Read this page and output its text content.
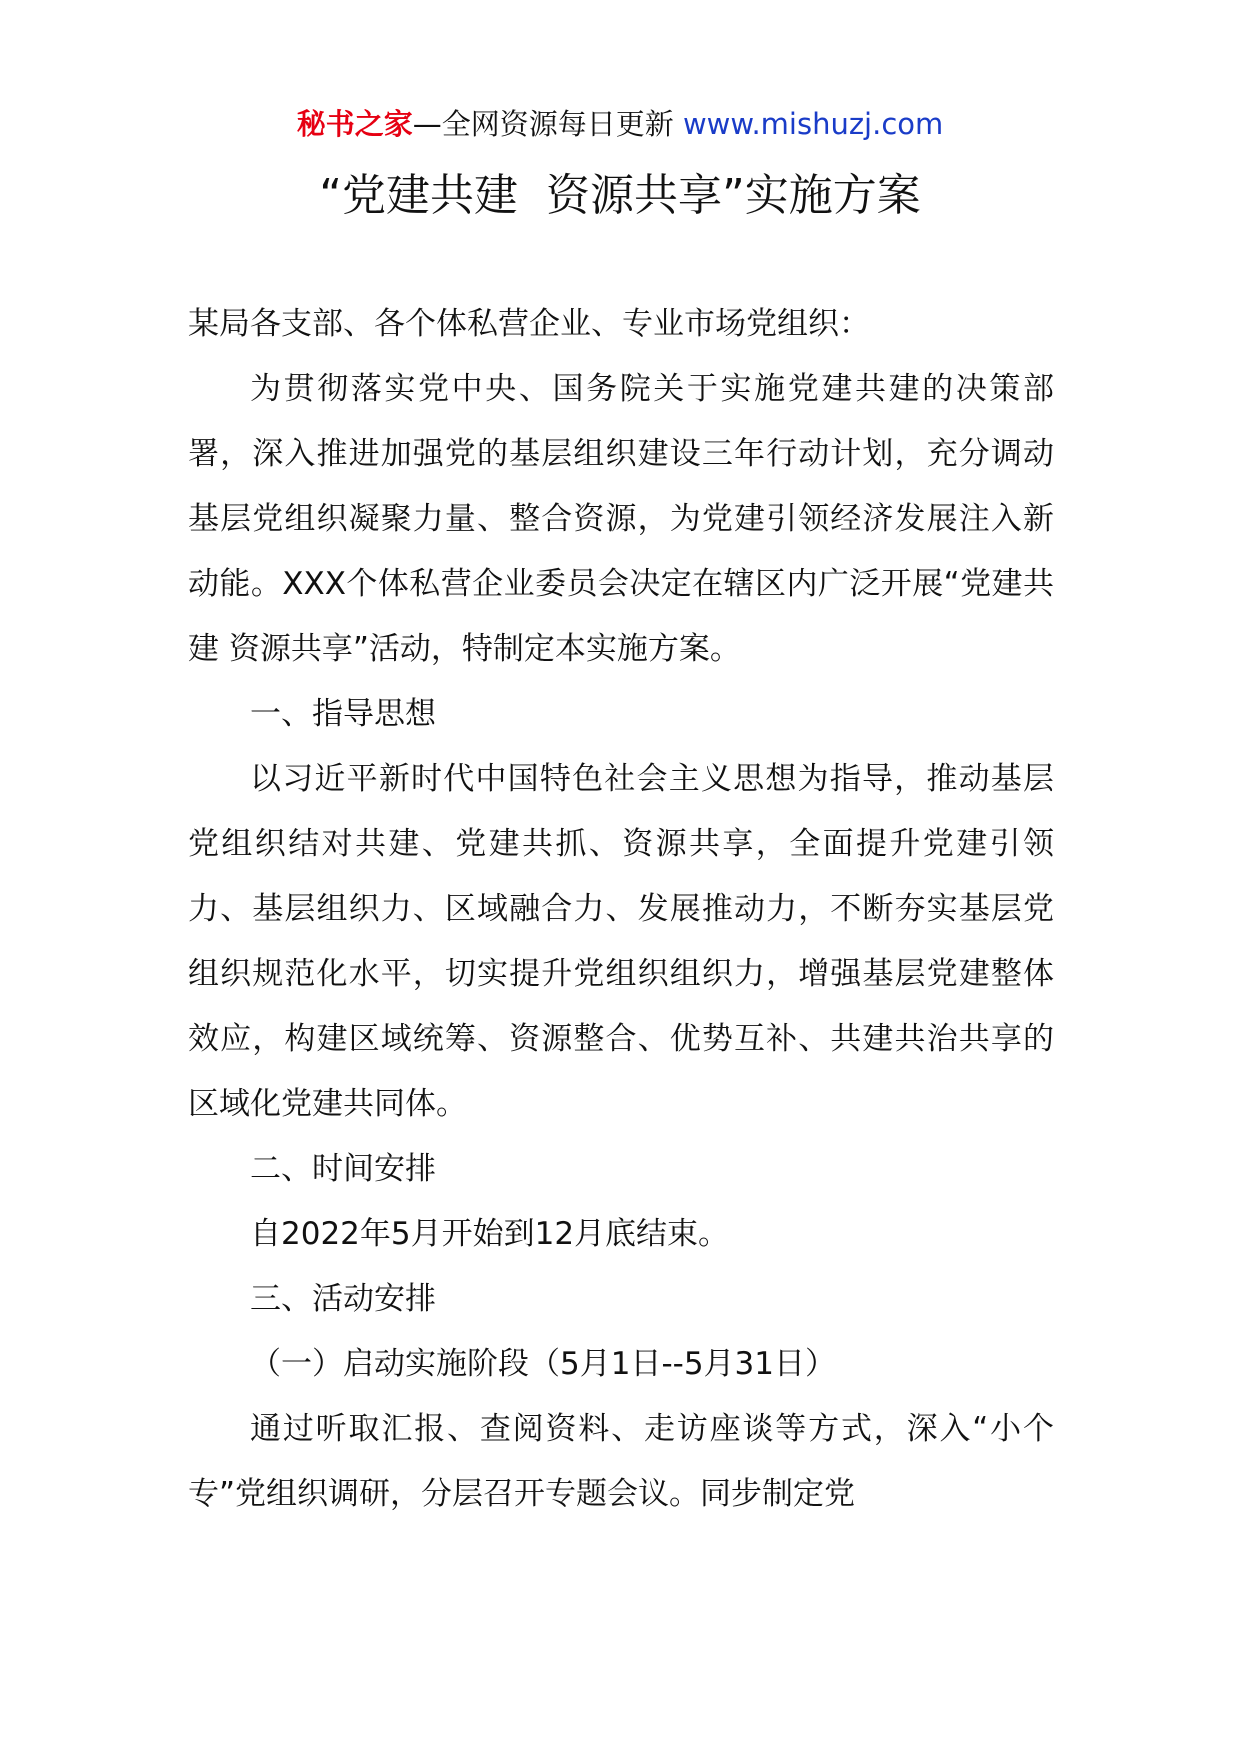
秘书之家—全网资源每日更新 www.mishuzj.com
“党建共建  资源共享”实施方案

某局各支部、各个体私营企业、专业市场党组织：

为贯彻落实党中央、国务院关于实施党建共建的决策部署，深入推进加强党的基层组织建设三年行动计划，充分调动基层党组织凝聚力量、整合资源，为党建引领经济发展注入新动能。XXX个体私营企业委员会决定在辖区内广泛开展“党建共建 资源共享”活动，特制定本实施方案。

一、指导思想

以习近平新时代中国特色社会主义思想为指导，推动基层党组织结对共建、党建共抓、资源共享，全面提升党建引领力、基层组织力、区域融合力、发展推动力，不断夯实基层党组织规范化水平，切实提升党组织组织力，增强基层党建整体效应，构建区域统筹、资源整合、优势互补、共建共治共享的区域化党建共同体。

二、时间安排

自2022年5月开始到12月底结束。

三、活动安排

（一）启动实施阶段（5月1日--5月31日）

通过听取汇报、查阅资料、走访座谈等方式，深入“小个专”党组织调研，分层召开专题会议。同步制定党
